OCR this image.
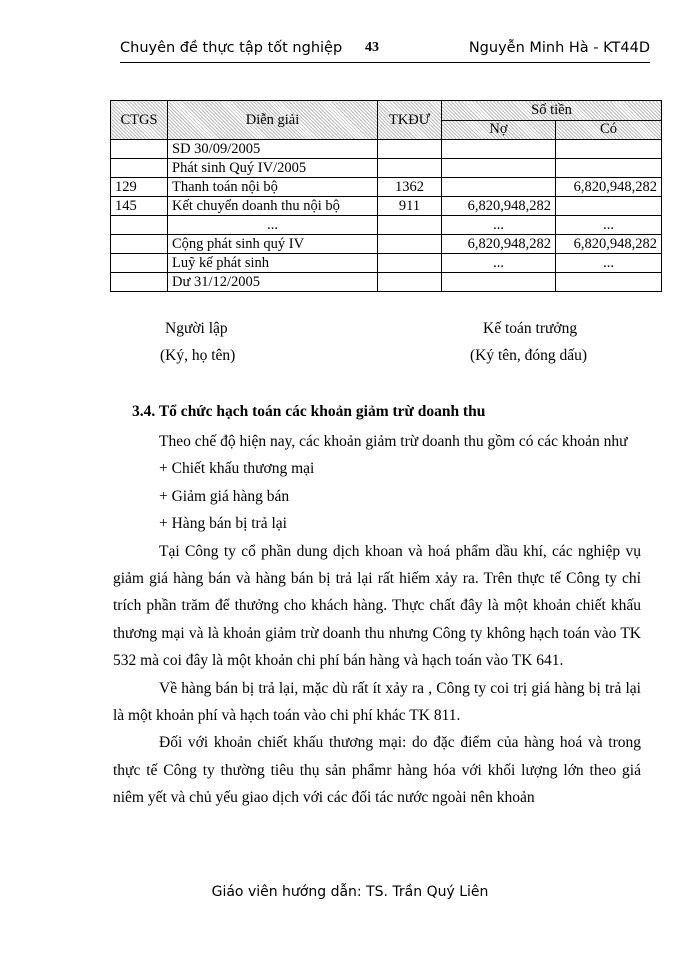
Chuyên đề thực tập tốt nghiệp 43	Nguyễn Minh Hà - KT44D
CTGS	Diễn giải	TKĐƯ	Số tiền	
			Nợ	Có
	SD 30/09/2005			
	Phát sinh Quý IV/2005			
129	Thanh toán nội bộ	1362		6,820,948,282
145	Kết chuyển doanh thu nội bộ	911	6,820,948,282	
	...		...	...
	Cộng phát sinh quý IV		6,820,948,282	6,820,948,282
	Luỹ kế phát sinh		...	...
	Dư 31/12/2005			
Người lập
(Ký, họ tên)
Kế toán trưởng
(Ký tên, đóng dấu)
3.4. Tổ chức hạch toán các khoản giảm trừ doanh thu

Theo chế độ hiện nay, các khoản giảm trừ doanh thu gồm có các khoản như

+ Chiết khấu thương mại

+ Giảm giá hàng bán

+ Hàng bán bị trả lại

Tại Công ty cổ phần dung dịch khoan và hoá phẩm dầu khí, các nghiệp vụ giảm giá hàng bán và hàng bán bị trả lại rất hiếm xảy ra. Trên thực tế Công ty chỉ trích phần trăm để thưởng cho khách hàng. Thực chất đây là một khoản chiết khấu thương mại và là khoản giảm trừ doanh thu nhưng Công ty không hạch toán vào TK 532 mà coi đây là một khoản chi phí bán hàng và hạch toán vào TK 641.

Về hàng bán bị trả lại, mặc dù rất ít xảy ra , Công ty coi trị giá hàng bị trả lại là một khoản phí và hạch toán vào chi phí khác TK 811.

Đối với khoản chiết khấu thương mại: do đặc điểm của hàng hoá và trong thực tế Công ty thường tiêu thụ sản phẩmr hàng hóa với khối lượng lớn theo giá niêm yết và chủ yếu giao dịch với các đối tác nước ngoài nên khoản

Giáo viên hướng dẫn: TS. Trần Quý Liên
